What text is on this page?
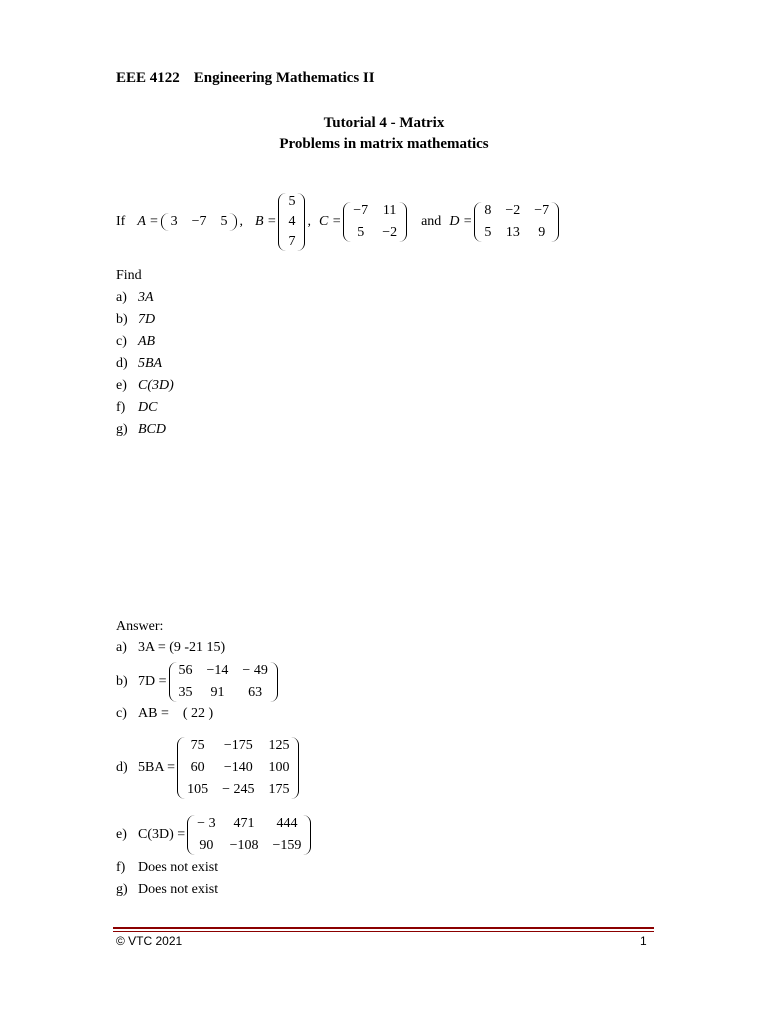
EEE 4122 Engineering Mathematics II
Tutorial 4 - Matrix
Problems in matrix mathematics
If A = 3 −7 5 , B =
5
4
7
, C =
−7 11
5 −2
and D =
8 −2 −7
5 13 9
Find
a) 3A
b) 7D
c) AB
d) 5BA
e) C(3D)
f) DC
g) BCD
Answer:
a) 3A = (9 -21 15)
b) 7D =
56 −14 − 49
35 91	63
c) AB =    ( 22 )
d) 5BA =
75 −175 125
60 −140 100
105 − 245 175
e) C(3D) =
− 3 471 444
90 −108 −159
f) Does not exist
g) Does not exist
© VTC 2021	1
